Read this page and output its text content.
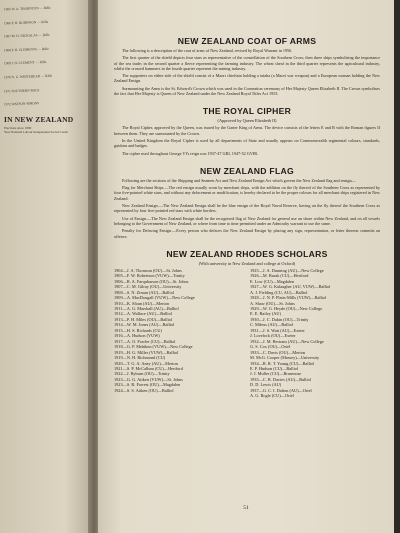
1965 W. A. THORNTON — Rifle
1966 P. H. ROBINSON — Rifle
1967 M. D. NICKALAS — Rifle
1968 P. H. CLEMENTS — Rifle
1969 I. H. CLEMENT — Rifle
1970 N. G. WHITEHEAD — Rifle
1971 SOUTHERN RACE
1972 WATSON SIMONS
IN NEW ZEALAND
Elections since 1890
Year National Labour Independent Social Credit
NEW ZEALAND COAT OF ARMS

The following is a description of the coat of arms of New Zealand, revised by Royal Warrant in 1956.

The first quarter of the shield depicts four stars as representative of the constellation of the Southern Cross; then three ships symbolising the importance of the sea trade; in the second quarter a fleece representing the farming industry. The wheat sheaf in the third quarter represents the agricultural industry, whilst the crossed hammers in the fourth quarter represent the mining industry.

The supporters on either side of the shield consist of a Maori chieftain holding a taiaha (a Maori war weapon) and a European woman holding the New Zealand Ensign.

Surmounting the Arms is the St. Edward's Crown which was used in the Coronation ceremony of Her Majesty Queen Elizabeth II. The Crown symbolises the fact that Her Majesty is Queen of New Zealand under the New Zealand Royal Titles Act 1953.

THE ROYAL CIPHER
(Approved by Queen Elizabeth II)

The Royal Cipher, approved by the Queen, was issued by the Garter King of Arms. The device consists of the letters E and R with the Roman figures II between them. They are surmounted by the Crown.

In the United Kingdom the Royal Cipher is used by all departments of State and usually appears on Commonwealth regimental colours, standards, guidons and badges.

The cipher used throughout George VI's reign was 1937-47 GRI, 1947-52 GVIR.

NEW ZEALAND FLAG

Following are the sections of the Shipping and Seamen Act and New Zealand Ensign Act which govern the New Zealand flag and ensign—

Flag for Merchant Ships.—The red ensign usually worn by merchant ships, with the addition on the fly thereof of the Southern Cross as represented by four five-pointed white stars, and without any defacement or modification, is hereby declared to be the proper colours for all merchant ships registered in New Zealand.

New Zealand Ensign.—The New Zealand Ensign shall be the blue ensign of the Royal Naval Reserve, having on the fly thereof the Southern Cross as represented by four five-pointed red stars with white borders.

Use of Ensign.—The New Zealand Ensign shall be the recognised flag of New Zealand for general use on shore within New Zealand, and on all vessels belonging to the Government of New Zealand, or where from time to time permitted under an Admiralty warrant to use the same.

Penalty for Defacing Ensign.—Every person who defaces the New Zealand Ensign by placing any sign, representation, or letter thereon commits an offence.

NEW ZEALAND RHODES SCHOLARS
(With university in New Zealand and college at Oxford)
1904—J. A. Thomson (OU)—St. Johns
1905—F. W. Robertson (VUW)—Trinity
1906—R. A. Farquharson (OU)—St. Johns
1907—C. M. Gilray (OU)—University
1908—S. N. Ziman (AU)—Balliol
1909—A. MacDougall (VUW)—New College
1910—K. Sloan (AU)—Merton
1911—A. G. Marshall (AU)—Balliol
1912—A. Wallace (AU)—Balliol
1913—P. H. Miles (OU)—Balliol
1914—W. M. Jones (AU)—Balliol
1915—H. S. Richards (CU)
1916—A. Hudson (VUW)
1917—A. O. Fowler (CU)—Balliol
1918—G. P. Mehtken (VUW)—New College
1919—H. G. Miller (VUW)—Balliol
1919—N. H. Richmond (CU)
1920—T. G. A. Aney (AU)—Merton
1921—S. P. McCallum (CU)—Hertford
1922—J. Ryburn (OU)—Trinity
1923—G. G. Aitken (VUW)—St. Johns
1923—S. R. Forrest (OU)—Magdalen
1924—S. S. Aitken (OU)—Balliol
1925—J. A. Dunning (AU)—New College
1926—M. Burak (CU)—Hertford
E. Low (CU)—Magdalen
1927—W. G. Kalaugher (AU, VUW)—Balliol
A. J. Fielding (CU, AU)—Balliol
1928—J. N. P. Platts-Mills (VUW)—Balliol
A. Shaw (OU)—St. Johns
1929—W. G. Heyde (OU)—New College
E. E. Bailey (AU)
1930—J. C. Dakin (OU)—Trinity
C. Mileus (AU)—Balliol
1931—J. S. Watt (AU)—Exeter
J. Lovelock (OU)—Exeter
1932—J. M. Bertram (AU)—New College
G. S. Cox (OU)—Oriel
1933—C. Davis (OU)—Merton
M. McG. Cooper (Massey)—University
1934—R. R. T. Young (CU)—Balliol
E. P. Hudson (CU)—Balliol
J. J. Muller (CU)—Brasenose
1935—C. R. Davies (AU)—Balliol
D. D. Lewis (AU)
1937—G. C. I. Dalton (AU)—Oriel
A. G. Bogle (CU)—Oriel
51
